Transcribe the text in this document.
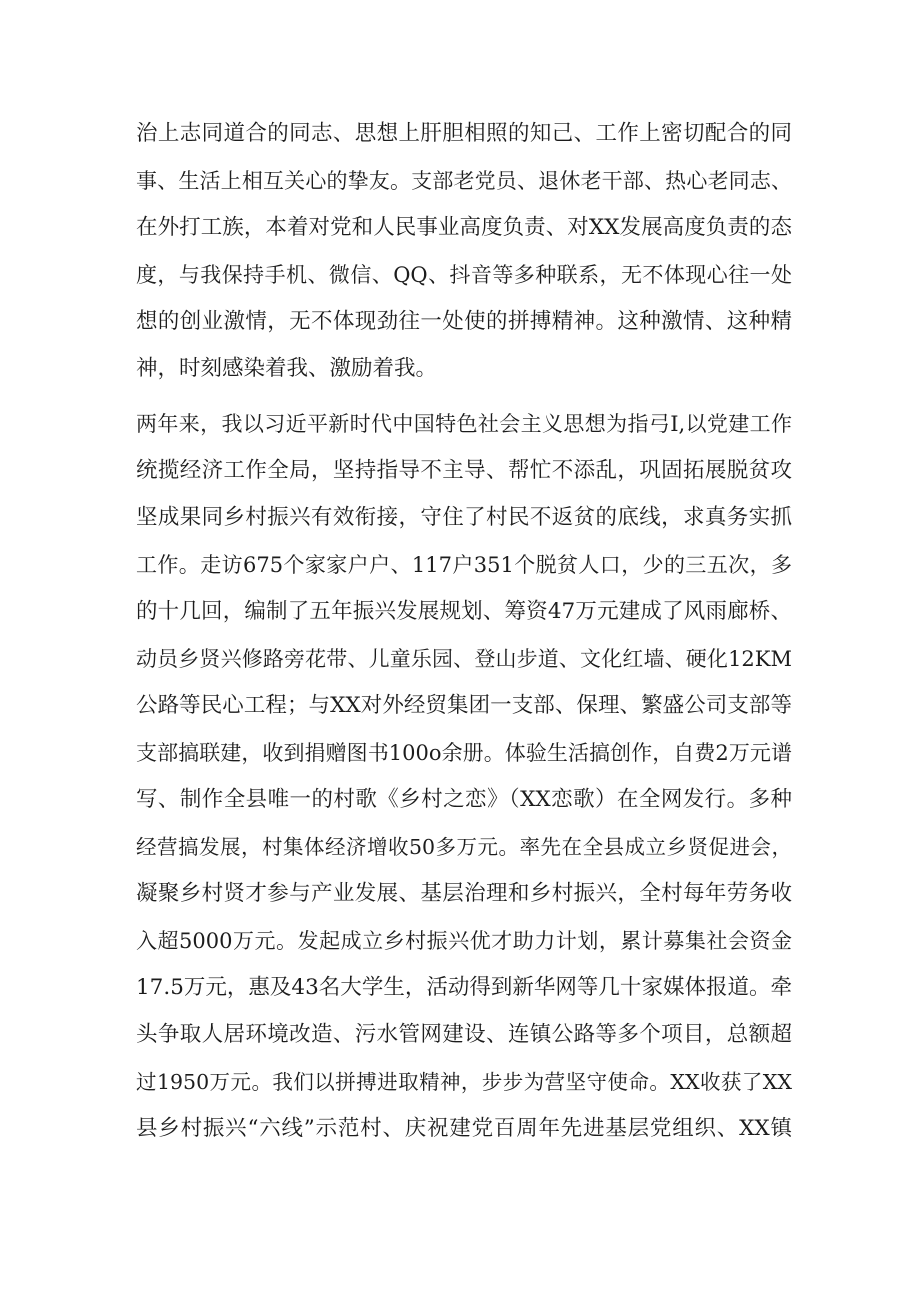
治上志同道合的同志、思想上肝胆相照的知己、工作上密切配合的同
事、生活上相互关心的挚友。支部老党员、退休老干部、热心老同志、
在外打工族，本着对党和人民事业高度负责、对XX发展高度负责的态
度，与我保持手机、微信、QQ、抖音等多种联系，无不体现心往一处
想的创业激情，无不体现劲往一处使的拼搏精神。这种激情、这种精
神，时刻感染着我、激励着我。
两年来，我以习近平新时代中国特色社会主义思想为指弓I,以党建工作
统揽经济工作全局，坚持指导不主导、帮忙不添乱，巩固拓展脱贫攻
坚成果同乡村振兴有效衔接，守住了村民不返贫的底线，求真务实抓
工作。走访675个家家户户、117户351个脱贫人口，少的三五次，多
的十几回，编制了五年振兴发展规划、筹资47万元建成了风雨廊桥、
动员乡贤兴修路旁花带、儿童乐园、登山步道、文化红墙、硬化12KM
公路等民心工程；与XX对外经贸集团一支部、保理、繁盛公司支部等
支部搞联建，收到捐赠图书100o余册。体验生活搞创作，自费2万元谱
写、制作全县唯一的村歌《乡村之恋》（XX恋歌）在全网发行。多种
经营搞发展，村集体经济增收50多万元。率先在全县成立乡贤促进会，
凝聚乡村贤才参与产业发展、基层治理和乡村振兴，全村每年劳务收
入超5000万元。发起成立乡村振兴优才助力计划，累计募集社会资金
17.5万元，惠及43名大学生，活动得到新华网等几十家媒体报道。牵
头争取人居环境改造、污水管网建设、连镇公路等多个项目，总额超
过1950万元。我们以拼搏进取精神，步步为营坚守使命。XX收获了XX
县乡村振兴“六线”示范村、庆祝建党百周年先进基层党组织、XX镇
